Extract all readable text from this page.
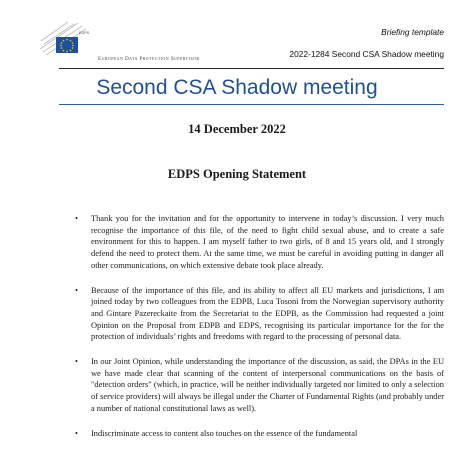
EDPS
European Data Protection Supervisor
Briefing template
2022-1284 Second CSA Shadow meeting
Second CSA Shadow meeting
14 December 2022
EDPS Opening Statement

• Thank you for the invitation and for the opportunity to intervene in today’s discussion. I very much recognise the importance of this file, of the need to fight child sexual abuse, and to create a safe environment for this to happen. I am myself father to two girls, of 8 and 15 years old, and I strongly defend the need to protect them. At the same time, we must be careful in avoiding putting in danger all other communications, on which extensive debate took place already.

• Because of the importance of this file, and its ability to affect all EU markets and jurisdictions, I am joined today by two colleagues from the EDPB, Luca Tosoni from the Norwegian supervisory authority and Gintare Pazereckaite from the Secretariat to the EDPB, as the Commission had requested a joint Opinion on the Proposal from EDPB and EDPS, recognising its particular importance for the for the protection of individuals’ rights and freedoms with regard to the processing of personal data.

• In our Joint Opinion, while understanding the importance of the discussion, as said, the DPAs in the EU we have made clear that scanning of the content of interpersonal communications on the basis of "detection orders" (which, in practice, will be neither individually targeted nor limited to only a selection of service providers) will always be illegal under the Charter of Fundamental Rights (and probably under a number of national constitutional laws as well).

• Indiscriminate access to content also touches on the essence of the fundamental
